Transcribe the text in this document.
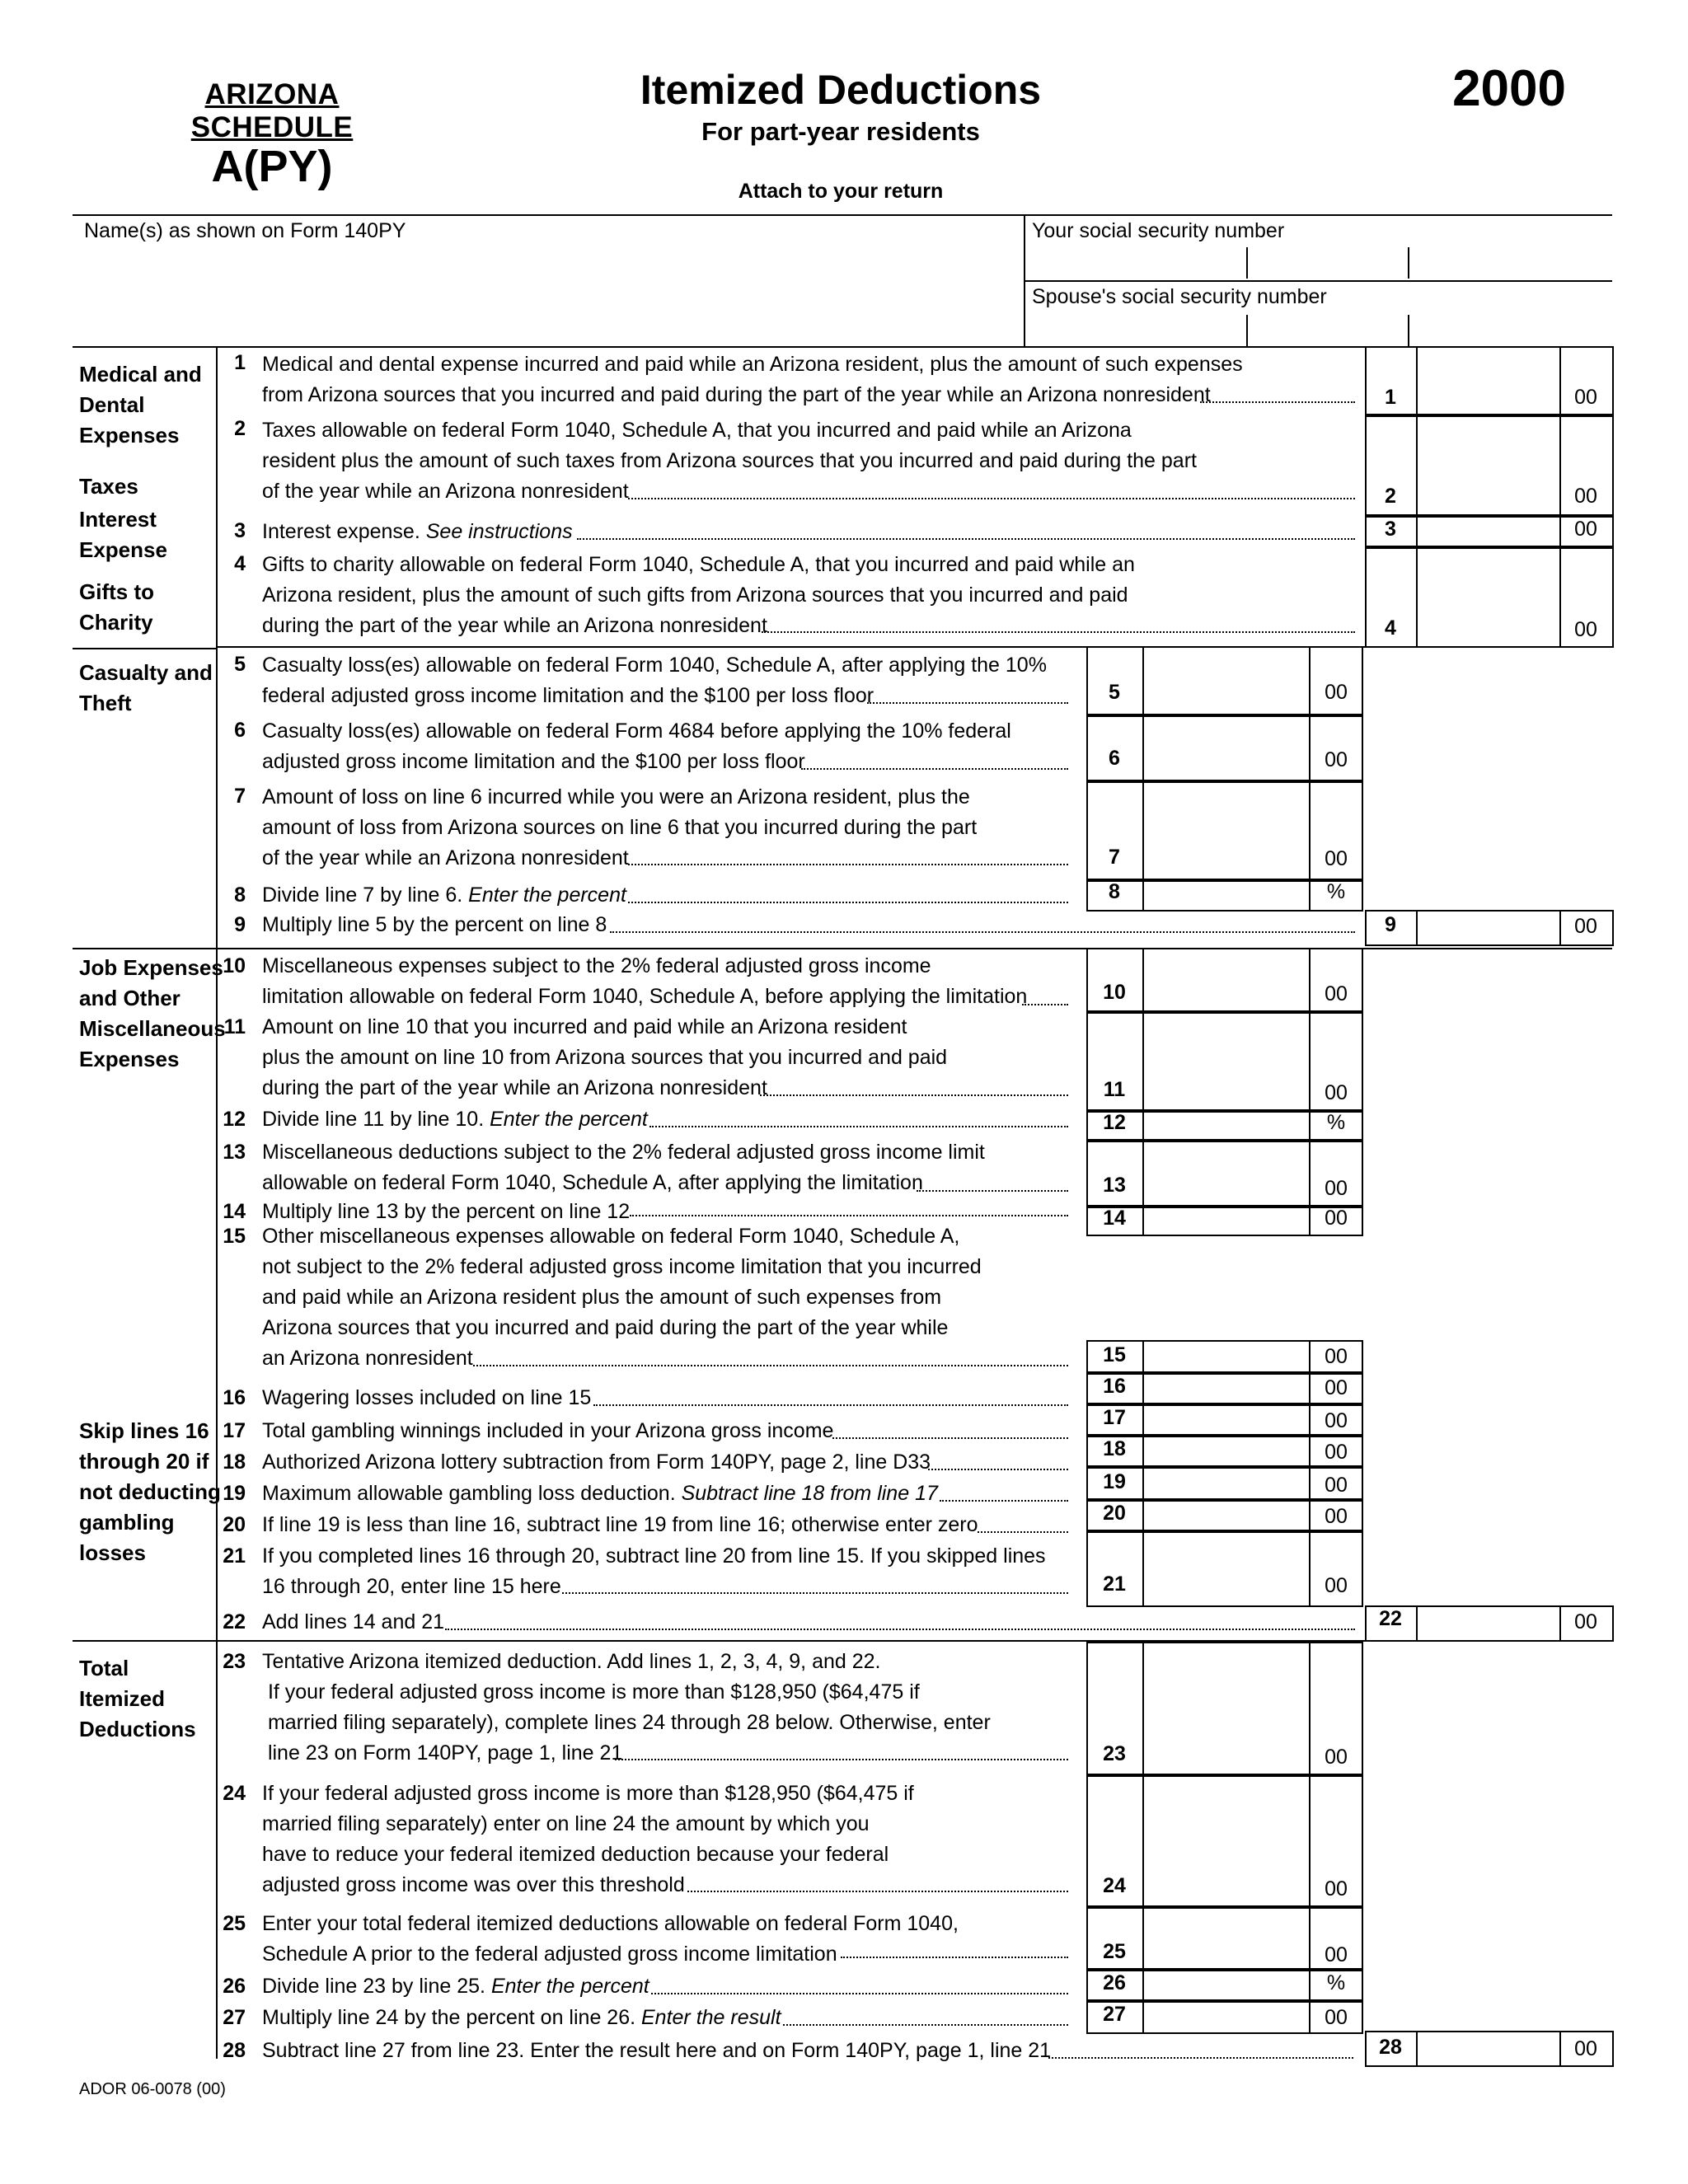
ARIZONA SCHEDULE
A(PY)
Itemized Deductions
For part-year residents
2000
Attach to your return
Name(s) as shown on Form 140PY	Your social security number
Spouse's social security number
Medical and
Dental
Expenses
Taxes
Interest
Expense
Gifts to
Charity
Casualty and
Theft
Job Expenses
and Other
Miscellaneous
Expenses
Skip lines 16
through 20 if
not deducting
gambling
losses
Total
Itemized
Deductions
1 Medical and dental expense incurred and paid while an Arizona resident, plus the amount of such expenses
from Arizona sources that you incurred and paid during the part of the year while an Arizona nonresident
2 Taxes allowable on federal Form 1040, Schedule A, that you incurred and paid while an Arizona
resident plus the amount of such taxes from Arizona sources that you incurred and paid during the part
of the year while an Arizona nonresident
3 Interest expense. See instructions
4 Gifts to charity allowable on federal Form 1040, Schedule A, that you incurred and paid while an
Arizona resident, plus the amount of such gifts from Arizona sources that you incurred and paid
during the part of the year while an Arizona nonresident
1	00
2	00
3	00
4	00
5 Casualty loss(es) allowable on federal Form 1040, Schedule A, after applying the 10%
federal adjusted gross income limitation and the $100 per loss floor
6 Casualty loss(es) allowable on federal Form 4684 before applying the 10% federal
adjusted gross income limitation and the $100 per loss floor
7 Amount of loss on line 6 incurred while you were an Arizona resident, plus the
amount of loss from Arizona sources on line 6 that you incurred during the part
of the year while an Arizona nonresident
8 Divide line 7 by line 6. Enter the percent
5	00
6	00
7	00
8	%
9 Multiply line 5 by the percent on line 8	9	00
10 Miscellaneous expenses subject to the 2% federal adjusted gross income
limitation allowable on federal Form 1040, Schedule A, before applying the limitation
11 Amount on line 10 that you incurred and paid while an Arizona resident
plus the amount on line 10 from Arizona sources that you incurred and paid
during the part of the year while an Arizona nonresident
12 Divide line 11 by line 10. Enter the percent
13 Miscellaneous deductions subject to the 2% federal adjusted gross income limit
allowable on federal Form 1040, Schedule A, after applying the limitation
14 Multiply line 13 by the percent on line 12
15 Other miscellaneous expenses allowable on federal Form 1040, Schedule A,
not subject to the 2% federal adjusted gross income limitation that you incurred
and paid while an Arizona resident plus the amount of such expenses from
Arizona sources that you incurred and paid during the part of the year while
an Arizona nonresident
16 Wagering losses included on line 15
17 Total gambling winnings included in your Arizona gross income
18 Authorized Arizona lottery subtraction from Form 140PY, page 2, line D33
19 Maximum allowable gambling loss deduction. Subtract line 18 from line 17
20 If line 19 is less than line 16, subtract line 19 from line 16; otherwise enter zero
21 If you completed lines 16 through 20, subtract line 20 from line 15. If you skipped lines
16 through 20, enter line 15 here
10	00
11	00
12	%
13	00
14	00
15	00
16	00
17	00
18	00
19	00
20	00
21	00
22 Add lines 14 and 21	22	00
23 Tentative Arizona itemized deduction. Add lines 1, 2, 3, 4, 9, and 22.
If your federal adjusted gross income is more than $128,950 ($64,475 if
married filing separately), complete lines 24 through 28 below. Otherwise, enter
line 23 on Form 140PY, page 1, line 21
24 If your federal adjusted gross income is more than $128,950 ($64,475 if
married filing separately) enter on line 24 the amount by which you
have to reduce your federal itemized deduction because your federal
adjusted gross income was over this threshold
25 Enter your total federal itemized deductions allowable on federal Form 1040,
Schedule A prior to the federal adjusted gross income limitation
26 Divide line 23 by line 25. Enter the percent
27 Multiply line 24 by the percent on line 26. Enter the result
28 Subtract line 27 from line 23. Enter the result here and on Form 140PY, page 1, line 21
23	00
24	00
25	00
26	%
27	00
28	00
ADOR 06-0078 (00)
